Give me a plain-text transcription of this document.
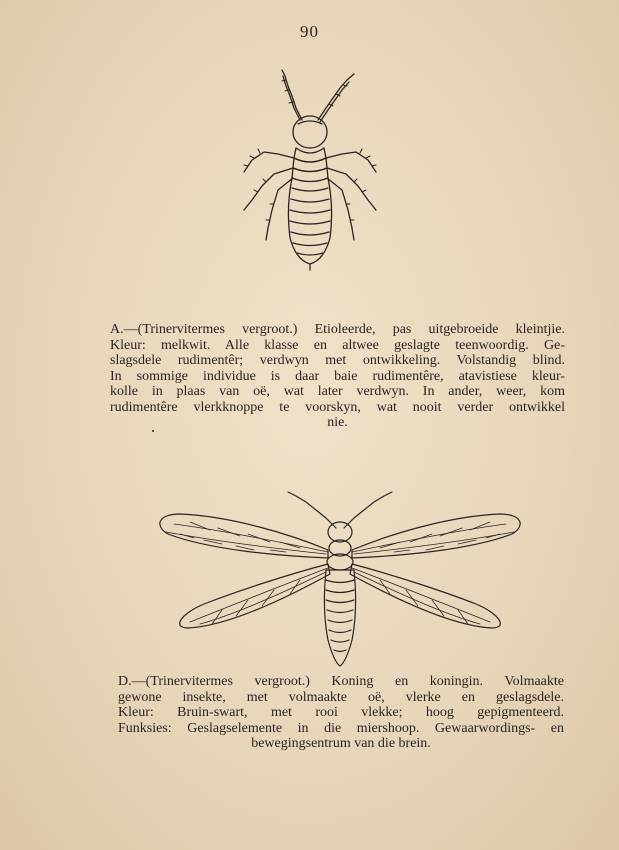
90
A.—(Trinervitermes vergroot.) Etioleerde, pas uitgebroeide kleintjie.
Kleur: melkwit. Alle klasse en altwee geslagte teenwoordig. Ge-
slagsdele rudimentêr; verdwyn met ontwikkeling. Volstandig blind.
In sommige individue is daar baie rudimentêre, atavistiese kleur-
kolle in plaas van oë, wat later verdwyn. In ander, weer, kom
rudimentêre vlerkknoppe te voorskyn, wat nooit verder ontwikkel
nie.
D.—(Trinervitermes vergroot.) Koning en koningin. Volmaakte
gewone insekte, met volmaakte oë, vlerke en geslagsdele.
Kleur: Bruin-swart, met rooi vlekke; hoog gepigmenteerd.
Funksies: Geslagselemente in die miershoop. Gewaarwordings- en
bewegingsentrum van die brein.
